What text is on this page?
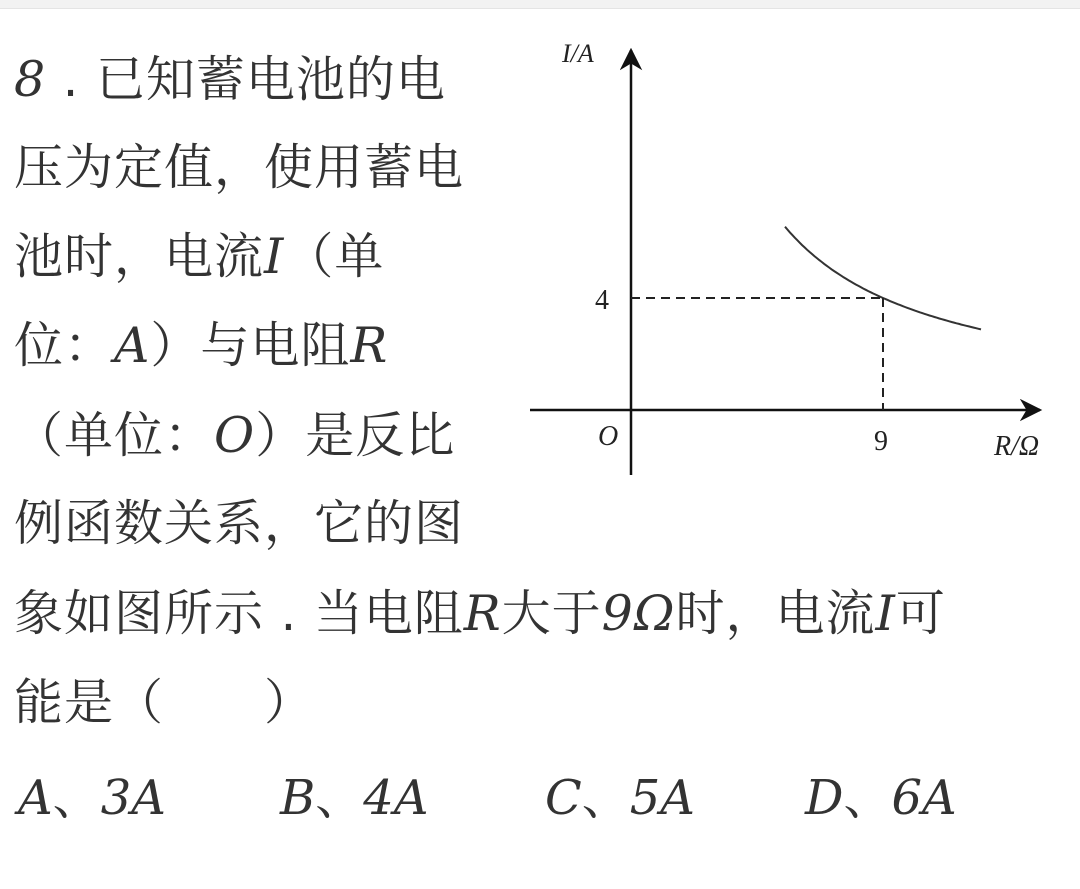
8 . 已知蓄电池的电
压为定值，使用蓄电
池时，电流I（单
位：A）与电阻R
（单位：O）是反比
例函数关系，它的图
象如图所示 . 当电阻R大于9Ω时，电流I可
能是（　　）
A、3A B、4A C、5A D、6A
I/A
R/Ω
O
4
9
